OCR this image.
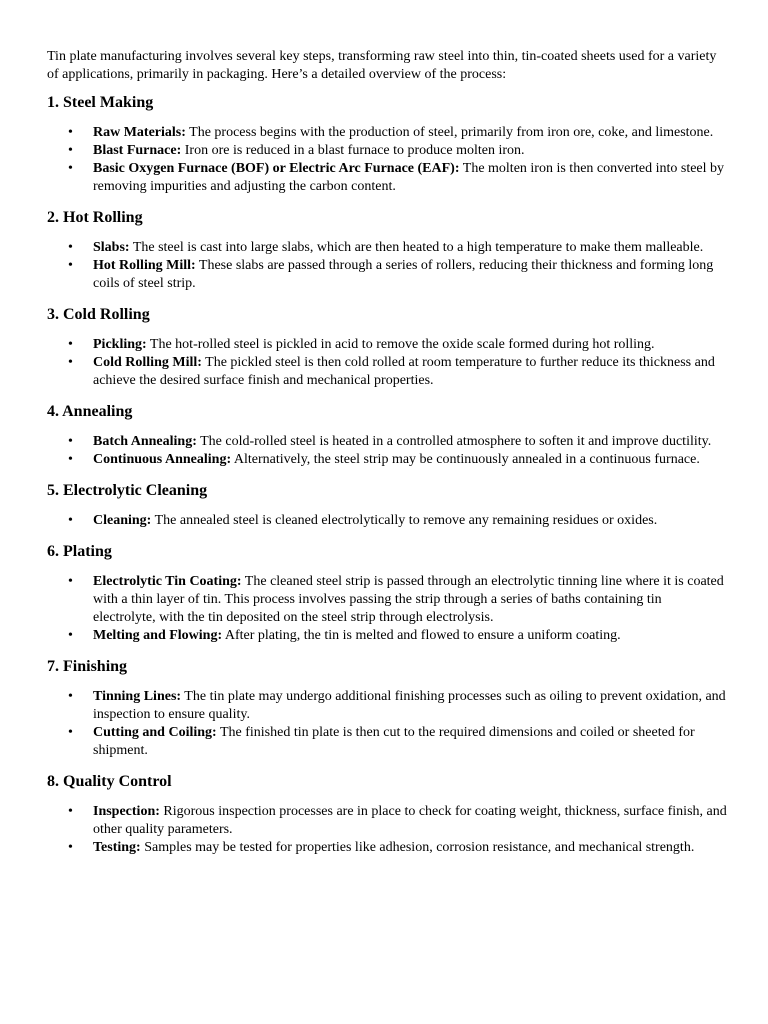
Tin plate manufacturing involves several key steps, transforming raw steel into thin, tin-coated sheets used for a variety of applications, primarily in packaging. Here’s a detailed overview of the process:

1. Steel Making
• Raw Materials: The process begins with the production of steel, primarily from iron ore, coke, and limestone.
• Blast Furnace: Iron ore is reduced in a blast furnace to produce molten iron.
• Basic Oxygen Furnace (BOF) or Electric Arc Furnace (EAF): The molten iron is then converted into steel by removing impurities and adjusting the carbon content.
2. Hot Rolling
• Slabs: The steel is cast into large slabs, which are then heated to a high temperature to make them malleable.
• Hot Rolling Mill: These slabs are passed through a series of rollers, reducing their thickness and forming long coils of steel strip.
3. Cold Rolling
• Pickling: The hot-rolled steel is pickled in acid to remove the oxide scale formed during hot rolling.
• Cold Rolling Mill: The pickled steel is then cold rolled at room temperature to further reduce its thickness and achieve the desired surface finish and mechanical properties.
4. Annealing
• Batch Annealing: The cold-rolled steel is heated in a controlled atmosphere to soften it and improve ductility.
• Continuous Annealing: Alternatively, the steel strip may be continuously annealed in a continuous furnace.
5. Electrolytic Cleaning
• Cleaning: The annealed steel is cleaned electrolytically to remove any remaining residues or oxides.
6. Plating
• Electrolytic Tin Coating: The cleaned steel strip is passed through an electrolytic tinning line where it is coated with a thin layer of tin. This process involves passing the strip through a series of baths containing tin electrolyte, with the tin deposited on the steel strip through electrolysis.
• Melting and Flowing: After plating, the tin is melted and flowed to ensure a uniform coating.
7. Finishing
• Tinning Lines: The tin plate may undergo additional finishing processes such as oiling to prevent oxidation, and inspection to ensure quality.
• Cutting and Coiling: The finished tin plate is then cut to the required dimensions and coiled or sheeted for shipment.
8. Quality Control
• Inspection: Rigorous inspection processes are in place to check for coating weight, thickness, surface finish, and other quality parameters.
• Testing: Samples may be tested for properties like adhesion, corrosion resistance, and mechanical strength.
